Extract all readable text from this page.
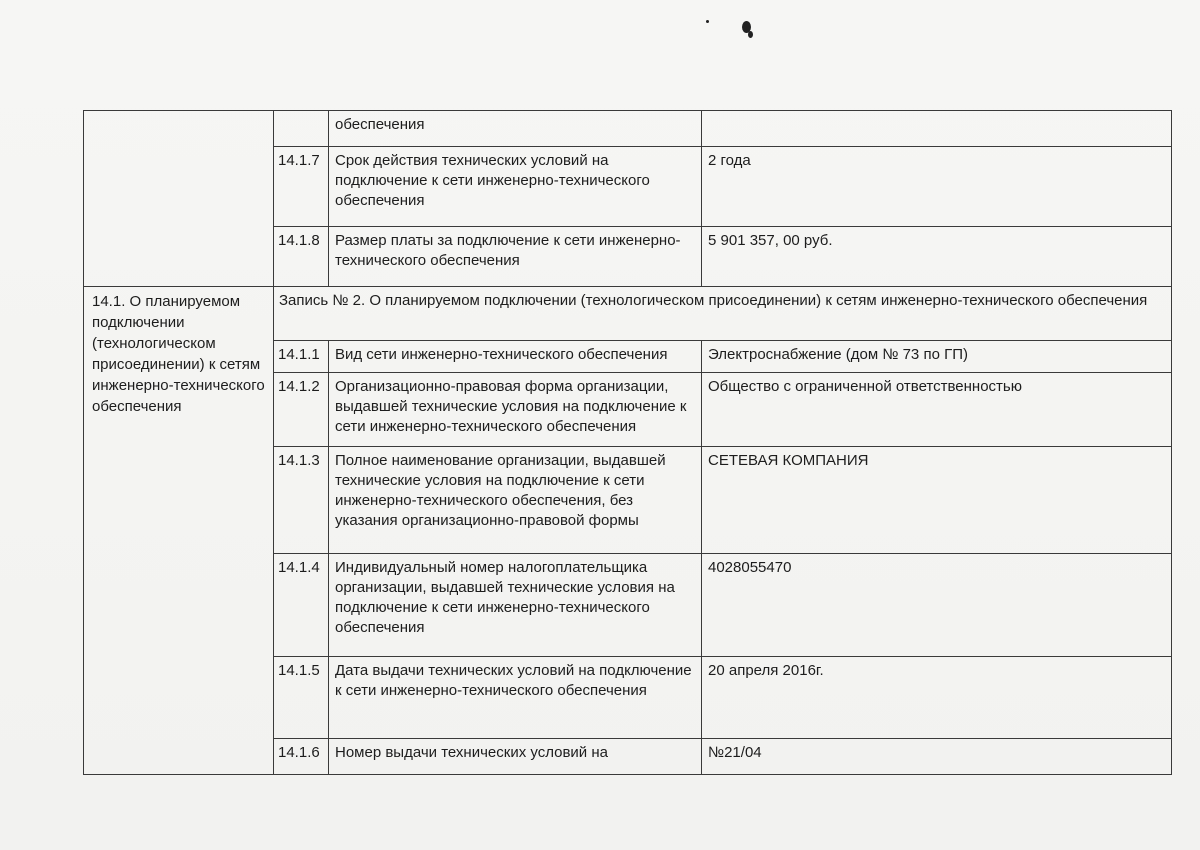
		обеспечения	
	14.1.7	Срок действия технических условий на подключение к сети инженерно-технического обеспечения	2 года
	14.1.8	Размер платы за подключение к сети инженерно-технического обеспечения	5 901 357, 00 руб.
14.1. О планируемом подключении (технологическом присоединении) к сетям инженерно-технического обеспечения	Запись № 2. О планируемом подключении (технологическом присоединении) к сетям инженерно-технического обеспечения		
	14.1.1	Вид сети инженерно-технического обеспечения	Электроснабжение (дом № 73 по ГП)
	14.1.2	Организационно-правовая форма организации, выдавшей технические условия на подключение к сети инженерно-технического обеспечения	Общество с ограниченной ответственностью
	14.1.3	Полное наименование организации, выдавшей технические условия на подключение к сети инженерно-технического обеспечения, без указания организационно-правовой формы	СЕТЕВАЯ КОМПАНИЯ
	14.1.4	Индивидуальный номер налогоплательщика организации, выдавшей технические условия на подключение к сети инженерно-технического обеспечения	4028055470
	14.1.5	Дата выдачи технических условий на подключение к сети инженерно-технического обеспечения	20 апреля 2016г.
	14.1.6	Номер выдачи технических условий на	№21/04
